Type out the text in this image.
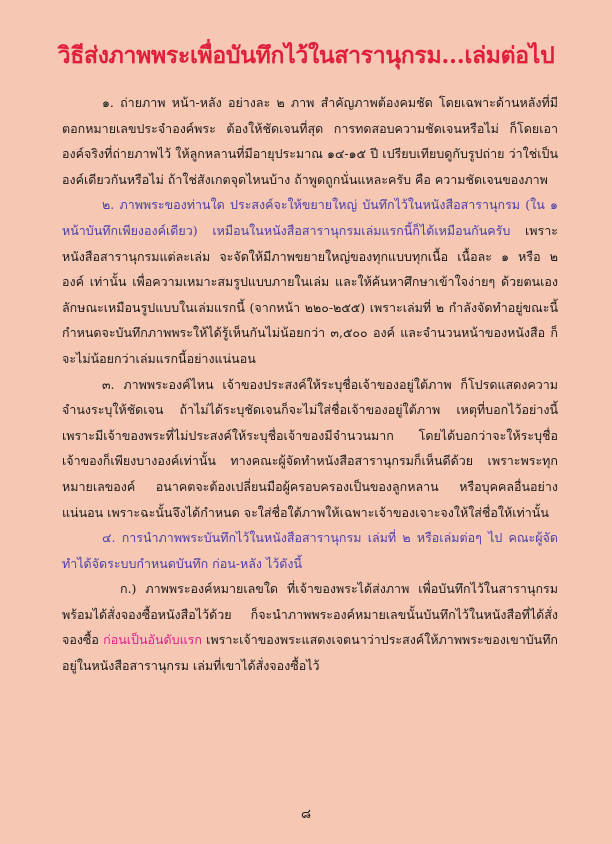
วิธีส่งภาพพระเพื่อบันทึกไว้ในสารานุกรม...เล่มต่อไป
๑. ถ่ายภาพ หน้า-หลัง อย่างละ ๒ ภาพ สำคัญภาพต้องคมชัด โดยเฉพาะด้านหลังที่มีตอกหมายเลขประจำองค์พระ ต้องให้ชัดเจนที่สุด การทดสอบความชัดเจนหรือไม่ ก็โดยเอาองค์จริงที่ถ่ายภาพไว้ ให้ลูกหลานที่มีอายุประมาณ ๑๔-๑๕ ปี เปรียบเทียบดูกับรูปถ่าย ว่าใช่เป็นองค์เดียวกันหรือไม่ ถ้าใช่สังเกตจุดไหนบ้าง ถ้าพูดถูกนั่นแหละครับ คือ ความชัดเจนของภาพ
๒. ภาพพระของท่านใด ประสงค์จะให้ขยายใหญ่ บันทึกไว้ในหนังสือสารานุกรม (ใน ๑ หน้าบันทึกเพียงองค์เดียว) เหมือนในหนังสือสารานุกรมเล่มแรกนี้ก็ได้เหมือนกันครับ เพราะหนังสือสารานุกรมแต่ละเล่ม จะจัดให้มีภาพขยายใหญ่ของทุกแบบทุกเนื้อ เนื้อละ ๑ หรือ ๒ องค์ เท่านั้น เพื่อความเหมาะสมรูปแบบภายในเล่ม และให้ค้นหาศึกษาเข้าใจง่ายๆ ด้วยตนเอง ลักษณะเหมือนรูปแบบในเล่มแรกนี้ (จากหน้า ๒๒๐-๒๕๕) เพราะเล่มที่ ๒ กำลังจัดทำอยู่ขณะนี้ กำหนดจะบันทึกภาพพระให้ได้รู้เห็นกันไม่น้อยกว่า ๓,๕๐๐ องค์ และจำนวนหน้าของหนังสือ ก็จะไม่น้อยกว่าเล่มแรกนี้อย่างแน่นอน
๓. ภาพพระองค์ไหน เจ้าของประสงค์ให้ระบุชื่อเจ้าของอยู่ใต้ภาพ ก็โปรดแสดงความจำนงระบุให้ชัดเจน ถ้าไม่ได้ระบุชัดเจนก็จะไม่ใส่ชื่อเจ้าของอยู่ใต้ภาพ เหตุที่บอกไว้อย่างนี้ เพราะมีเจ้าของพระที่ไม่ประสงค์ให้ระบุชื่อเจ้าของมีจำนวนมาก โดยได้บอกว่าจะให้ระบุชื่อเจ้าของก็เพียงบางองค์เท่านั้น ทางคณะผู้จัดทำหนังสือสารานุกรมก็เห็นดีด้วย เพราะพระทุกหมายเลของค์ อนาคตจะต้องเปลี่ยนมือผู้ครอบครองเป็นของลูกหลาน หรือบุคคลอื่นอย่างแน่นอน เพราะฉะนั้นจึงได้กำหนด จะใส่ชื่อใต้ภาพให้เฉพาะเจ้าของเจาะจงให้ใส่ชื่อให้เท่านั้น
๔. การนำภาพพระบันทึกไว้ในหนังสือสารานุกรม เล่มที่ ๒ หรือเล่มต่อๆ ไป คณะผู้จัดทำได้จัดระบบกำหนดบันทึก ก่อน-หลัง ไว้ดังนี้
ก.) ภาพพระองค์หมายเลขใด ที่เจ้าของพระได้ส่งภาพ เพื่อบันทึกไว้ในสารานุกรมพร้อมได้สั่งจองซื้อหนังสือไว้ด้วย ก็จะนำภาพพระองค์หมายเลขนั้นบันทึกไว้ในหนังสือที่ได้สั่งจองซื้อ ก่อนเป็นอันดับแรก เพราะเจ้าของพระแสดงเจตนาว่าประสงค์ให้ภาพพระของเขาบันทึกอยู่ในหนังสือสารานุกรม เล่มที่เขาได้สั่งจองซื้อไว้
๘
